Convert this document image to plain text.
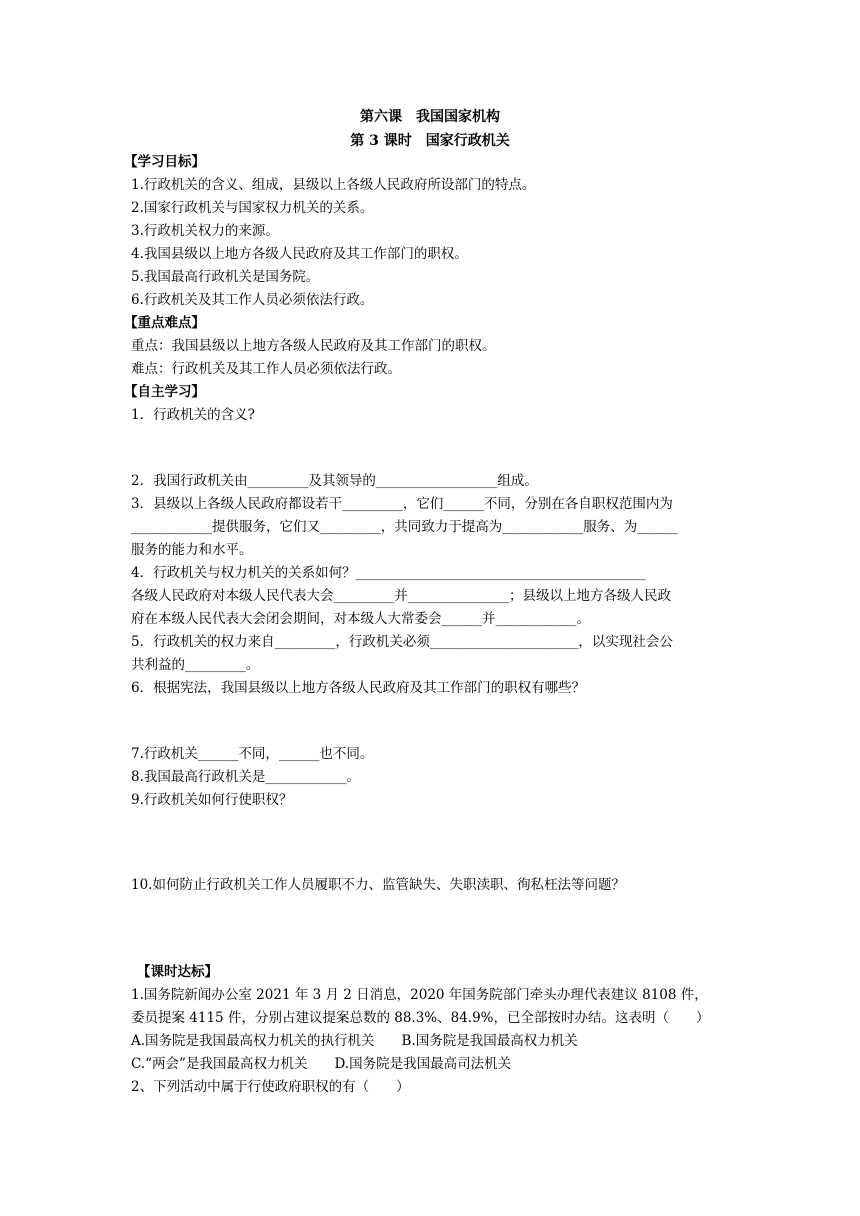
第六课　我国国家机构
第 3 课时　国家行政机关
【学习目标】
1.行政机关的含义、组成，县级以上各级人民政府所设部门的特点。
2.国家行政机关与国家权力机关的关系。
3.行政机关权力的来源。
4.我国县级以上地方各级人民政府及其工作部门的职权。
5.我国最高行政机关是国务院。
6.行政机关及其工作人员必须依法行政。
【重点难点】
重点：我国县级以上地方各级人民政府及其工作部门的职权。
难点：行政机关及其工作人员必须依法行政。
【自主学习】
1．行政机关的含义?
2．我国行政机关由_________及其领导的__________________组成。
3．县级以上各级人民政府都设若干_________，它们______不同，分别在各自职权范围内为
____________提供服务，它们又_________，共同致力于提高为____________服务、为______
服务的能力和水平。
4．行政机关与权力机关的关系如何？___________________________________________
各级人民政府对本级人民代表大会_________并_______________；县级以上地方各级人民政
府在本级人民代表大会闭会期间，对本级人大常委会______并____________。
5．行政机关的权力来自_________，行政机关必须______________________，以实现社会公
共利益的_________。
6．根据宪法，我国县级以上地方各级人民政府及其工作部门的职权有哪些？
7.行政机关______不同，______也不同。
8.我国最高行政机关是____________。
9.行政机关如何行使职权？
10.如何防止行政机关工作人员履职不力、监管缺失、失职渎职、徇私枉法等问题？
【课时达标】
1.国务院新闻办公室 2021 年 3 月 2 日消息，2020 年国务院部门牵头办理代表建议 8108 件，
委员提案 4115 件，分别占建议提案总数的 88.3%、84.9%，已全部按时办结。这表明（　　）
A.国务院是我国最高权力机关的执行机关　　B.国务院是我国最高权力机关
C.“两会”是我国最高权力机关　　D.国务院是我国最高司法机关
2、下列活动中属于行使政府职权的有（　　）
